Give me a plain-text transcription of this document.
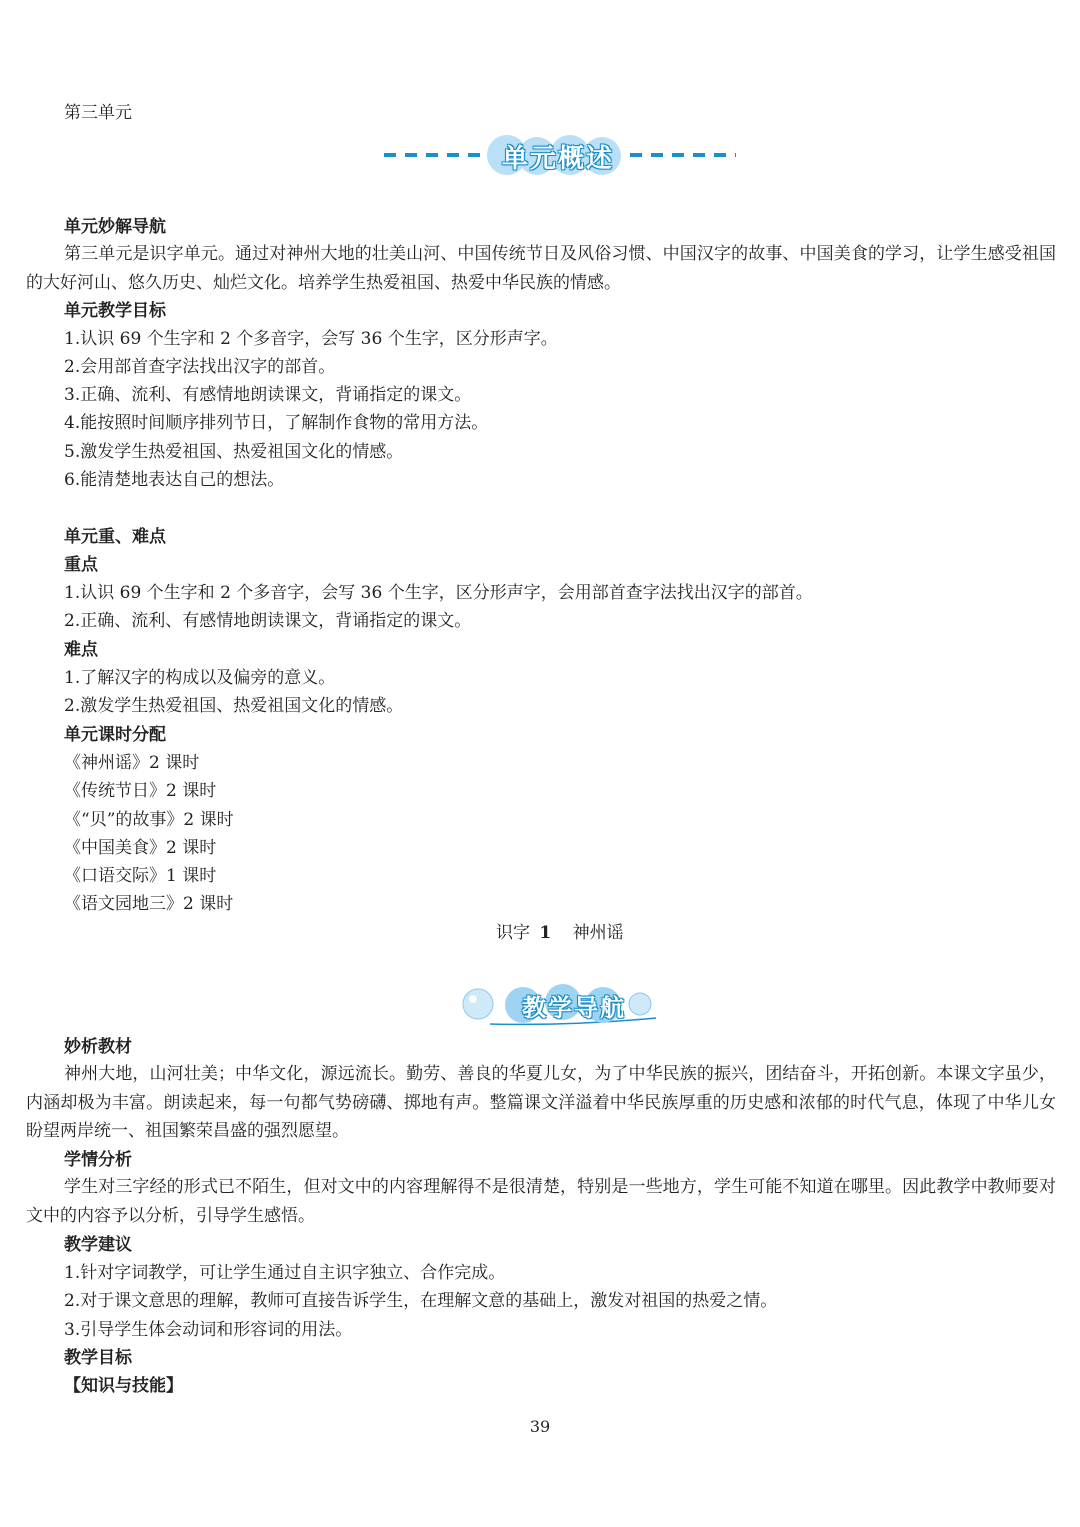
第三单元
单元概述
单元妙解导航
第三单元是识字单元。通过对神州大地的壮美山河、中国传统节日及风俗习惯、中国汉字的故事、中国美食的学习，让学生感受祖国的大好河山、悠久历史、灿烂文化。培养学生热爱祖国、热爱中华民族的情感。
单元教学目标
1.认识 69 个生字和 2 个多音字，会写 36 个生字，区分形声字。
2.会用部首查字法找出汉字的部首。
3.正确、流利、有感情地朗读课文，背诵指定的课文。
4.能按照时间顺序排列节日，了解制作食物的常用方法。
5.激发学生热爱祖国、热爱祖国文化的情感。
6.能清楚地表达自己的想法。
单元重、难点
重点
1.认识 69 个生字和 2 个多音字，会写 36 个生字，区分形声字，会用部首查字法找出汉字的部首。
2.正确、流利、有感情地朗读课文，背诵指定的课文。
难点
1.了解汉字的构成以及偏旁的意义。
2.激发学生热爱祖国、热爱祖国文化的情感。
单元课时分配
《神州谣》2 课时
《传统节日》2 课时
《“贝”的故事》2 课时
《中国美食》2 课时
《口语交际》1 课时
《语文园地三》2 课时
识字 1 神州谣
教学导航
妙析教材
神州大地，山河壮美；中华文化，源远流长。勤劳、善良的华夏儿女，为了中华民族的振兴，团结奋斗，开拓创新。本课文字虽少，内涵却极为丰富。朗读起来，每一句都气势磅礴、掷地有声。整篇课文洋溢着中华民族厚重的历史感和浓郁的时代气息，体现了中华儿女盼望两岸统一、祖国繁荣昌盛的强烈愿望。
学情分析
学生对三字经的形式已不陌生，但对文中的内容理解得不是很清楚，特别是一些地方，学生可能不知道在哪里。因此教学中教师要对文中的内容予以分析，引导学生感悟。
教学建议
1.针对字词教学，可让学生通过自主识字独立、合作完成。
2.对于课文意思的理解，教师可直接告诉学生，在理解文意的基础上，激发对祖国的热爱之情。
3.引导学生体会动词和形容词的用法。
教学目标
【知识与技能】
39
